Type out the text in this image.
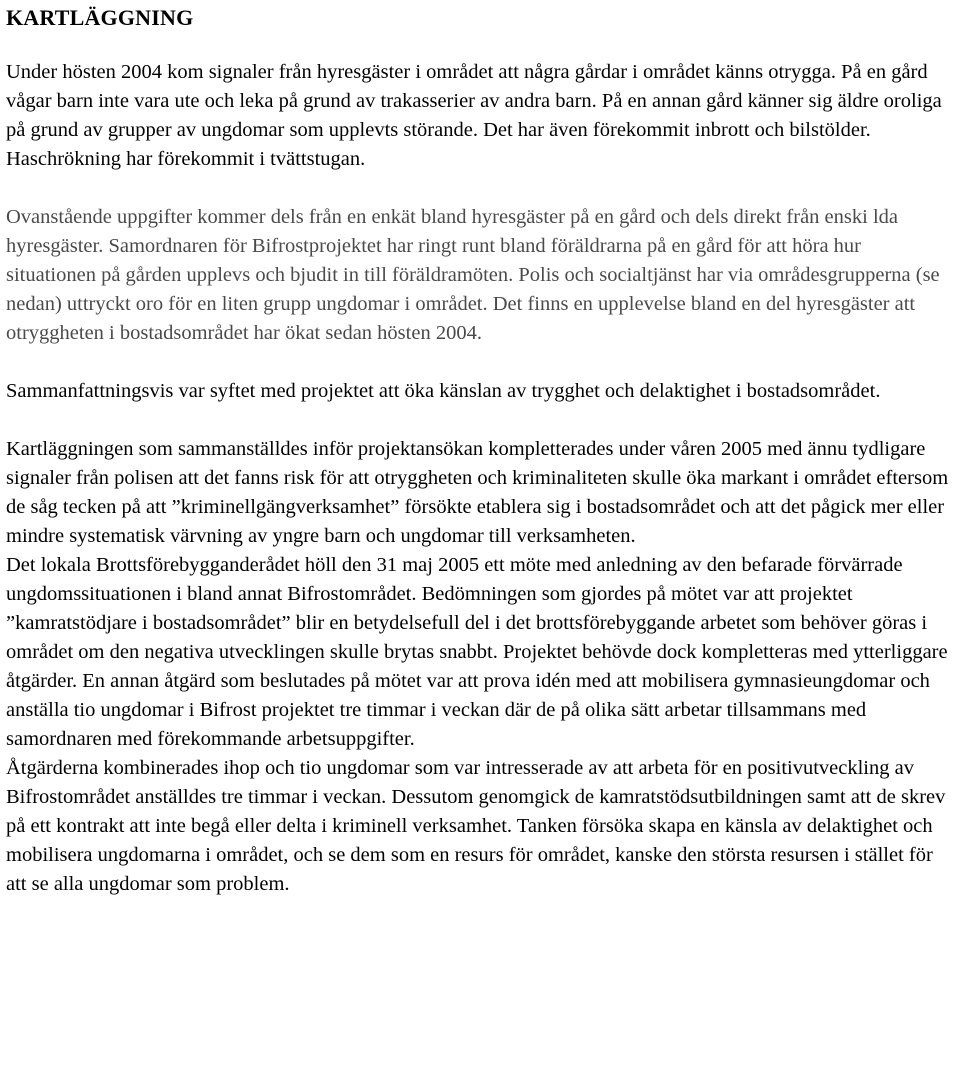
KARTLÄGGNING

Under hösten 2004 kom signaler från hyresgäster i området att några gårdar i området känns otrygga. På en gård vågar barn inte vara ute och leka på grund av trakasserier av andra barn. På en annan gård känner sig äldre oroliga på grund av grupper av ungdomar som upplevts störande. Det har även förekommit inbrott och bilstölder. Haschrökning har förekommit i tvättstugan.

Ovanstående uppgifter kommer dels från en enkät bland hyresgäster på en gård och dels direkt från enski lda hyresgäster. Samordnaren för Bifrostprojektet har ringt runt bland föräldrarna på en gård för att höra hur situationen på gården upplevs och bjudit in till föräldramöten. Polis och socialtjänst har via områdesgrupperna (se nedan) uttryckt oro för en liten grupp ungdomar i området. Det finns en upplevelse bland en del hyresgäster att otryggheten i bostadsområdet har ökat sedan hösten 2004.

Sammanfattningsvis var syftet med projektet att öka känslan av trygghet och delaktighet i bostadsområdet.

Kartläggningen som sammanställdes inför projektansökan kompletterades under våren 2005 med ännu tydligare signaler från polisen att det fanns risk för att otryggheten och kriminaliteten skulle öka markant i området eftersom de såg tecken på att ”kriminellgängverksamhet” försökte etablera sig i bostadsområdet och att det pågick mer eller mindre systematisk värvning av yngre barn och ungdomar till verksamheten.

Det lokala Brottsförebygganderådet höll den 31 maj 2005 ett möte med anledning av den befarade förvärrade ungdomssituationen i bland annat Bifrostområdet. Bedömningen som gjordes på mötet var att projektet ”kamratstödjare i bostadsområdet” blir en betydelsefull del i det brottsförebyggande arbetet som behöver göras i området om den negativa utvecklingen skulle brytas snabbt. Projektet behövde dock kompletteras med ytterliggare åtgärder. En annan åtgärd som beslutades på mötet var att prova idén med att mobilisera gymnasieungdomar och anställa tio ungdomar i Bifrost projektet tre timmar i veckan där de på olika sätt arbetar tillsammans med samordnaren med förekommande arbetsuppgifter.

Åtgärderna kombinerades ihop och tio ungdomar som var intresserade av att arbeta för en positivutveckling av Bifrostområdet anställdes tre timmar i veckan. Dessutom genomgick de kamratstödsutbildningen samt att de skrev på ett kontrakt att inte begå eller delta i kriminell verksamhet. Tanken försöka skapa en känsla av delaktighet och mobilisera ungdomarna i området, och se dem som en resurs för området, kanske den största resursen i stället för att se alla ungdomar som problem.
